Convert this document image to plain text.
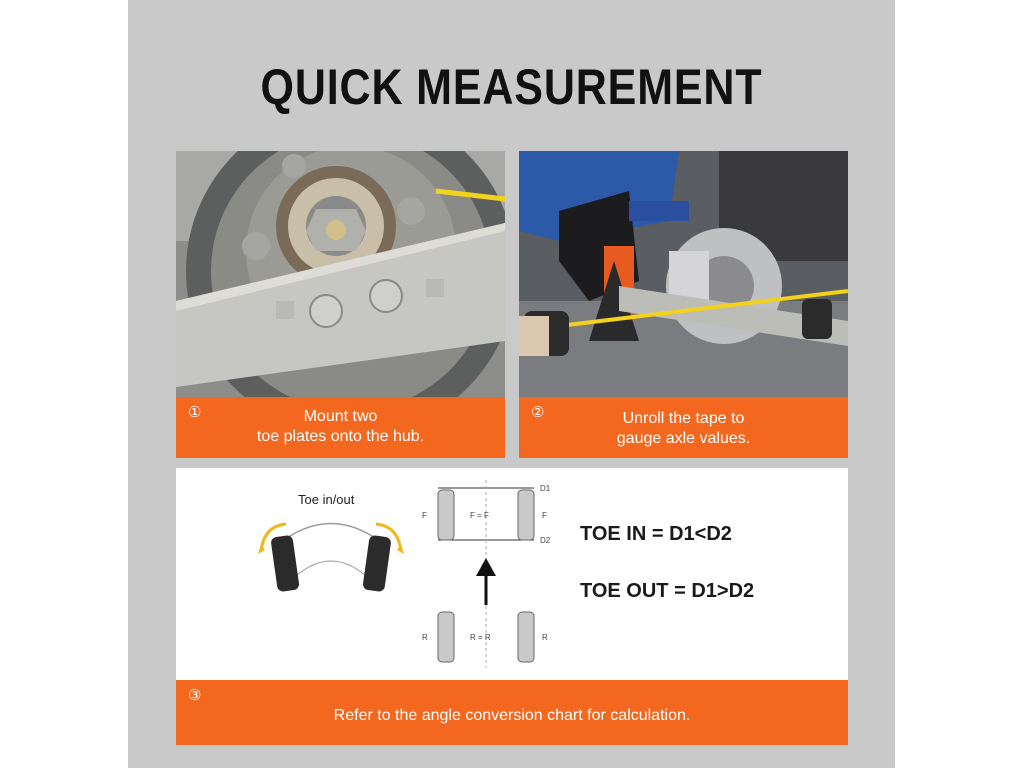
QUICK MEASUREMENT
①	Mount two
toe plates onto the hub.
②	Unroll the tape to
gauge axle values.
Toe in/out
D1
D2
F	F
F = F
R	R
R = R
TOE IN = D1<D2
TOE OUT = D1>D2
③
Refer to the angle conversion chart for calculation.
